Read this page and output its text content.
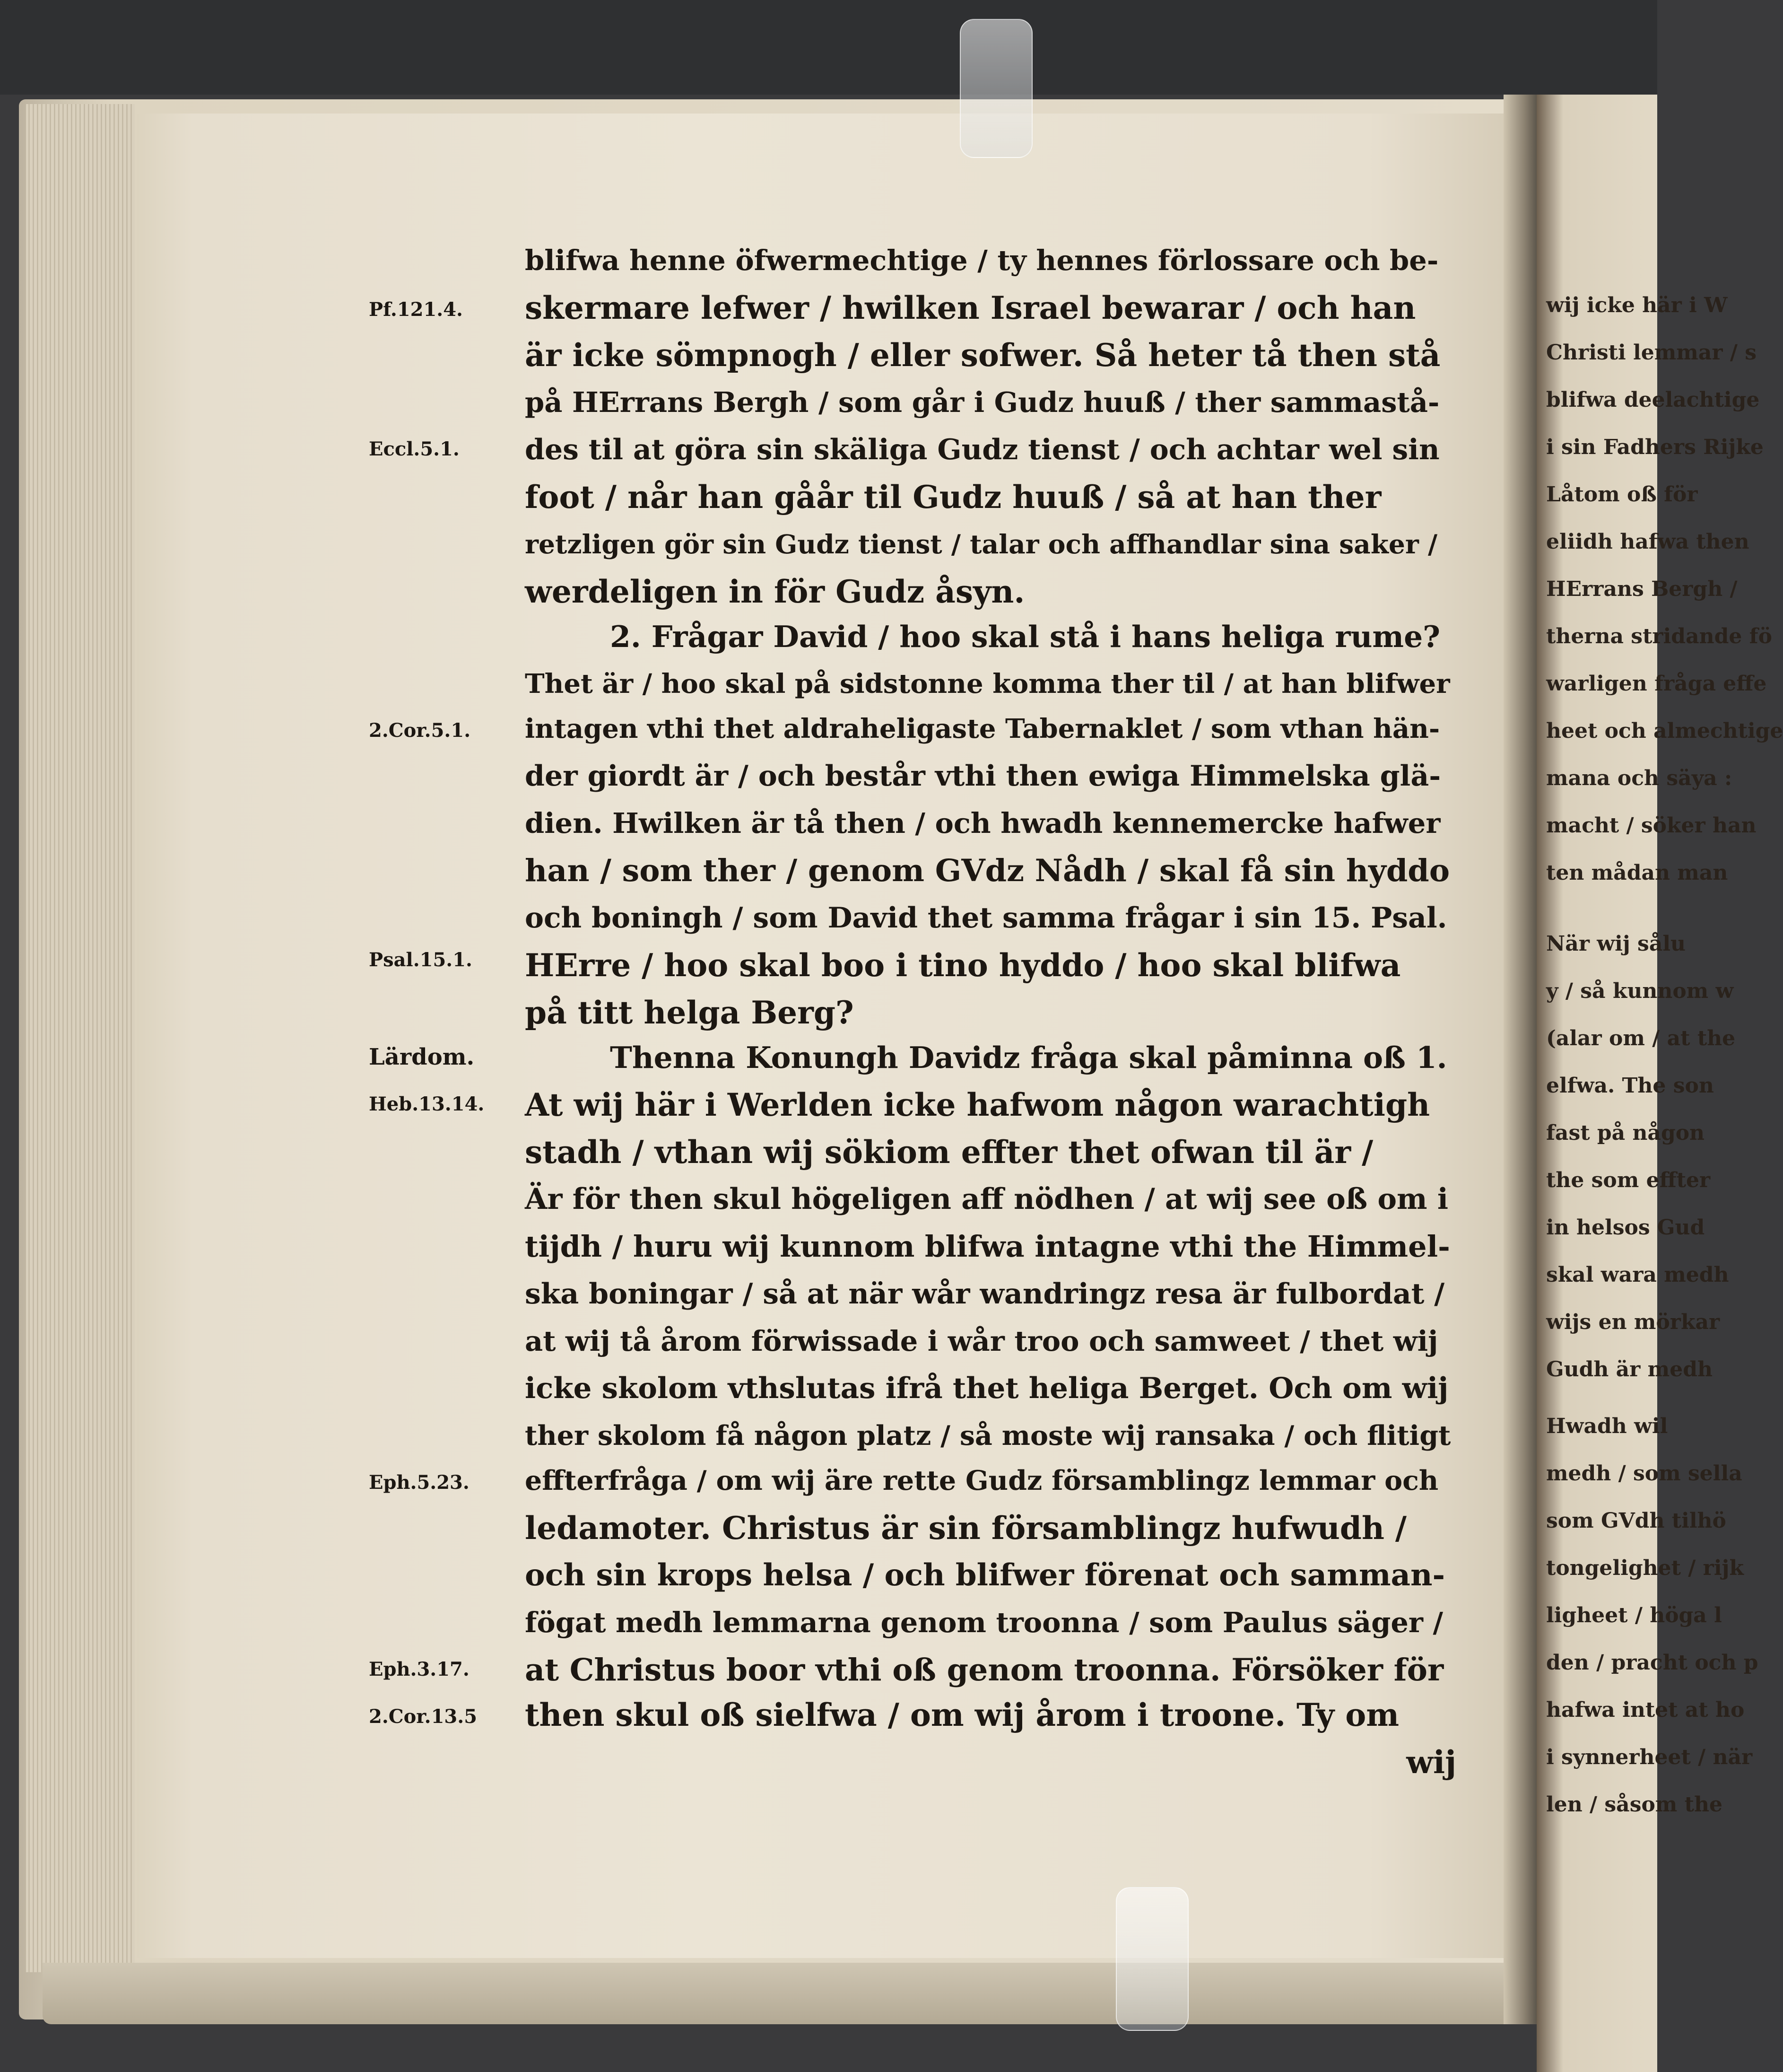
wij icke här i W
Christi lemmar / s
blifwa deelachtige
i sin Fadhers Rijke
Låtom oß för
eliidh hafwa then
HErrans Bergh /
therna stridande fö
warligen fråga effe
heet och almechtige
mana och säya :
macht / söker han
ten mådan man
När wij sålu
y / så kunnom w
(alar om / at the
elfwa. Thе son
fast på någon
the som effter
in helsos Gud
skal wara medh
wijs en mörkar
Gudh är medh
Hwadh wil
medh / som sella
som GVdh tilhö
tongelighet / rijk
ligheet / höga l
den / pracht och p
hafwa intet at ho
i synnerheet / när
len / såsom the
Pf.121.4.
Eccl.5.1.
2.Cor.5.1.
Psal.15.1.
Lärdom.
Heb.13.14.
Eph.5.23.
Eph.3.17.
2.Cor.13.5
blifwa henne öfwermechtige / ty hennes förlossare och be-
skermare lefwer / hwilken Israel bewarar / och han
är icke sömpnogh / eller sofwer. Så heter tå then stå
på HErrans Bergh / som går i Gudz huuß / ther sammastå-
des til at göra sin skäliga Gudz tienst / och achtar wel sin
foot / når han gåår til Gudz huuß / så at han ther
retzligen gör sin Gudz tienst / talar och affhandlar sina saker /
werdeligen in för Gudz åsyn.
2. Frågar David / hoo skal stå i hans heliga rume?
Thet är / hoo skal på sidstonne komma ther til / at han blifwer
intagen vthi thet aldraheligaste Tabernaklet / som vthan hän-
der giordt är / och består vthi then ewiga Himmelska glä-
dien. Hwilken är tå then / och hwadh kennemercke hafwer
han / som ther / genom GVdz Nådh / skal få sin hyddo
och boningh / som David thet samma frågar i sin 15. Psal.
HErre / hoo skal boo i tino hyddo / hoo skal blifwa
på titt helga Berg?
Thenna Konungh Davidz fråga skal påminna oß 1.
At wij här i Werlden icke hafwom någon warachtigh
stadh / vthan wij sökiom effter thet ofwan til är /
Är för then skul högeligen aff nödhen / at wij see oß om i
tijdh / huru wij kunnom blifwa intagne vthi the Himmel-
ska boningar / så at när wår wandringz resa är fulbordat /
at wij tå årom förwissade i wår troo och samweet / thet wij
icke skolom vthslutas ifrå thet heliga Berget. Och om wij
ther skolom få någon platz / så moste wij ransaka / och flitigt
effterfråga / om wij äre rette Gudz församblingz lemmar och
ledamoter. Christus är sin församblingz hufwudh /
och sin krops helsa / och blifwer förenat och samman-
fögat medh lemmarna genom troonna / som Paulus säger /
at Christus boor vthi oß genom troonna. Försöker för
then skul oß sielfwa / om wij årom i troone. Ty om
wij
